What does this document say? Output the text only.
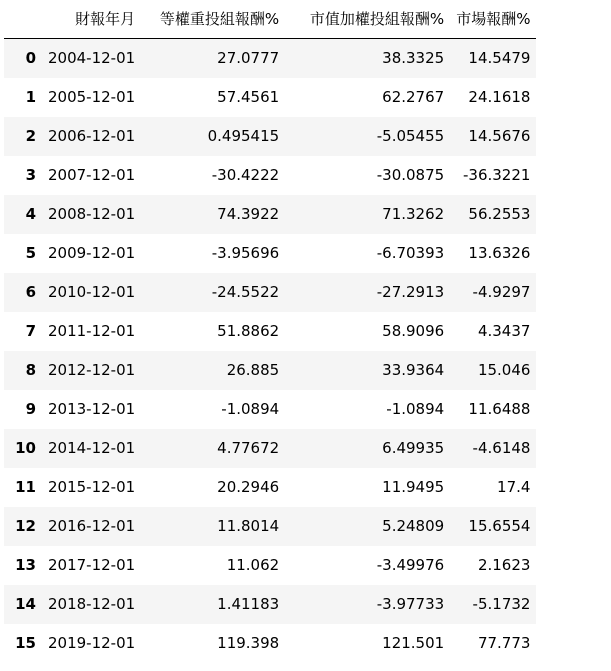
	財報年月	等權重投組報酬%	市值加權投組報酬%	市場報酬%
0	2004-12-01	27.0777	38.3325	14.5479
1	2005-12-01	57.4561	62.2767	24.1618
2	2006-12-01	0.495415	-5.05455	14.5676
3	2007-12-01	-30.4222	-30.0875	-36.3221
4	2008-12-01	74.3922	71.3262	56.2553
5	2009-12-01	-3.95696	-6.70393	13.6326
6	2010-12-01	-24.5522	-27.2913	-4.9297
7	2011-12-01	51.8862	58.9096	4.3437
8	2012-12-01	26.885	33.9364	15.046
9	2013-12-01	-1.0894	-1.0894	11.6488
10	2014-12-01	4.77672	6.49935	-4.6148
11	2015-12-01	20.2946	11.9495	17.4
12	2016-12-01	11.8014	5.24809	15.6554
13	2017-12-01	11.062	-3.49976	2.1623
14	2018-12-01	1.41183	-3.97733	-5.1732
15	2019-12-01	119.398	121.501	77.773
